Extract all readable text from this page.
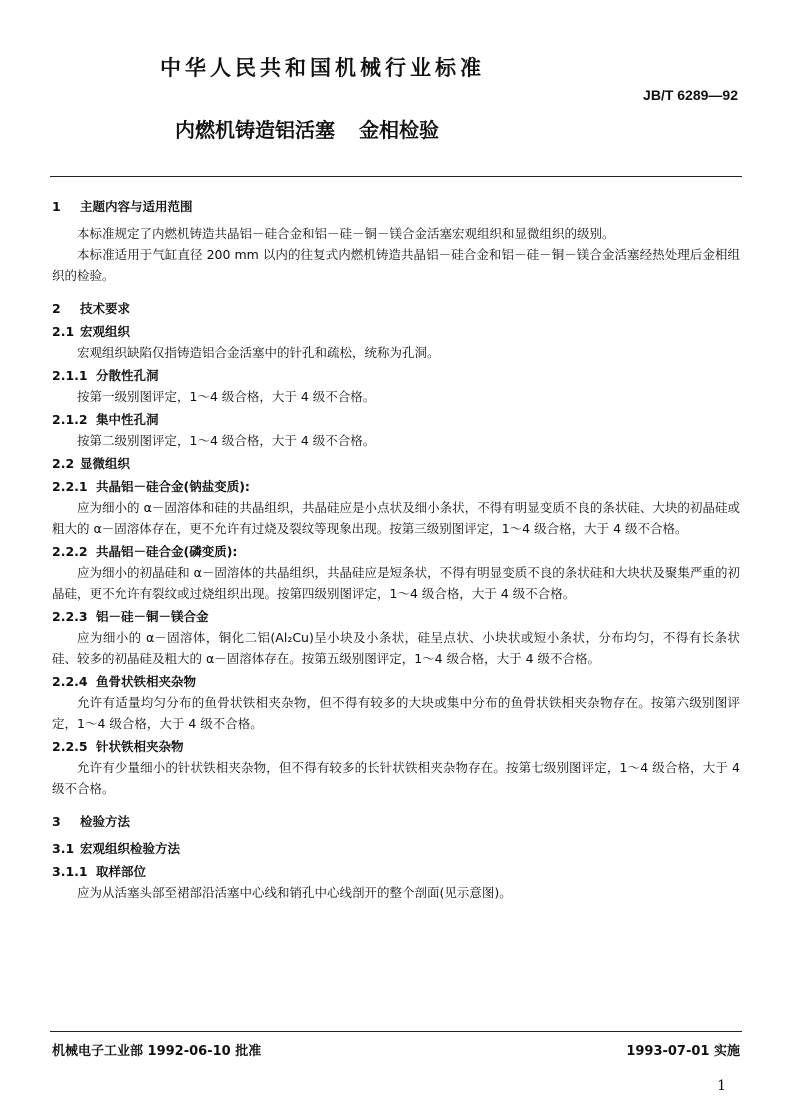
中华人民共和国机械行业标准
JB/T 6289—92
内燃机铸造铝活塞 金相检验
1 主题内容与适用范围
本标准规定了内燃机铸造共晶铝－硅合金和铝－硅－铜－镁合金活塞宏观组织和显微组织的级别。
本标准适用于气缸直径 200 mm 以内的往复式内燃机铸造共晶铝－硅合金和铝－硅－铜－镁合金活塞经热处理后金相组织的检验。
2 技术要求
2.1 宏观组织
宏观组织缺陷仅指铸造铝合金活塞中的针孔和疏松，统称为孔洞。
2.1.1 分散性孔洞
按第一级别图评定，1～4 级合格，大于 4 级不合格。
2.1.2 集中性孔洞
按第二级别图评定，1～4 级合格，大于 4 级不合格。
2.2 显微组织
2.2.1 共晶铝－硅合金(钠盐变质):
应为细小的 α－固溶体和硅的共晶组织，共晶硅应是小点状及细小条状，不得有明显变质不良的条状硅、大块的初晶硅或粗大的 α－固溶体存在，更不允许有过烧及裂纹等现象出现。按第三级别图评定，1～4 级合格，大于 4 级不合格。
2.2.2 共晶铝－硅合金(磷变质):
应为细小的初晶硅和 α－固溶体的共晶组织，共晶硅应是短条状，不得有明显变质不良的条状硅和大块状及聚集严重的初晶硅，更不允许有裂纹或过烧组织出现。按第四级别图评定，1～4 级合格，大于 4 级不合格。
2.2.3 铝－硅－铜－镁合金
应为细小的 α－固溶体，铜化二铝(Al₂Cu)呈小块及小条状，硅呈点状、小块状或短小条状，分布均匀，不得有长条状硅、较多的初晶硅及粗大的 α－固溶体存在。按第五级别图评定，1～4 级合格，大于 4 级不合格。
2.2.4 鱼骨状铁相夹杂物
允许有适量均匀分布的鱼骨状铁相夹杂物，但不得有较多的大块或集中分布的鱼骨状铁相夹杂物存在。按第六级别图评定，1～4 级合格，大于 4 级不合格。
2.2.5 针状铁相夹杂物
允许有少量细小的针状铁相夹杂物，但不得有较多的长针状铁相夹杂物存在。按第七级别图评定，1～4 级合格，大于 4 级不合格。
3 检验方法
3.1 宏观组织检验方法
3.1.1 取样部位
应为从活塞头部至裙部沿活塞中心线和销孔中心线剖开的整个剖面(见示意图)。
机械电子工业部 1992-06-10 批准	1993-07-01 实施
1
